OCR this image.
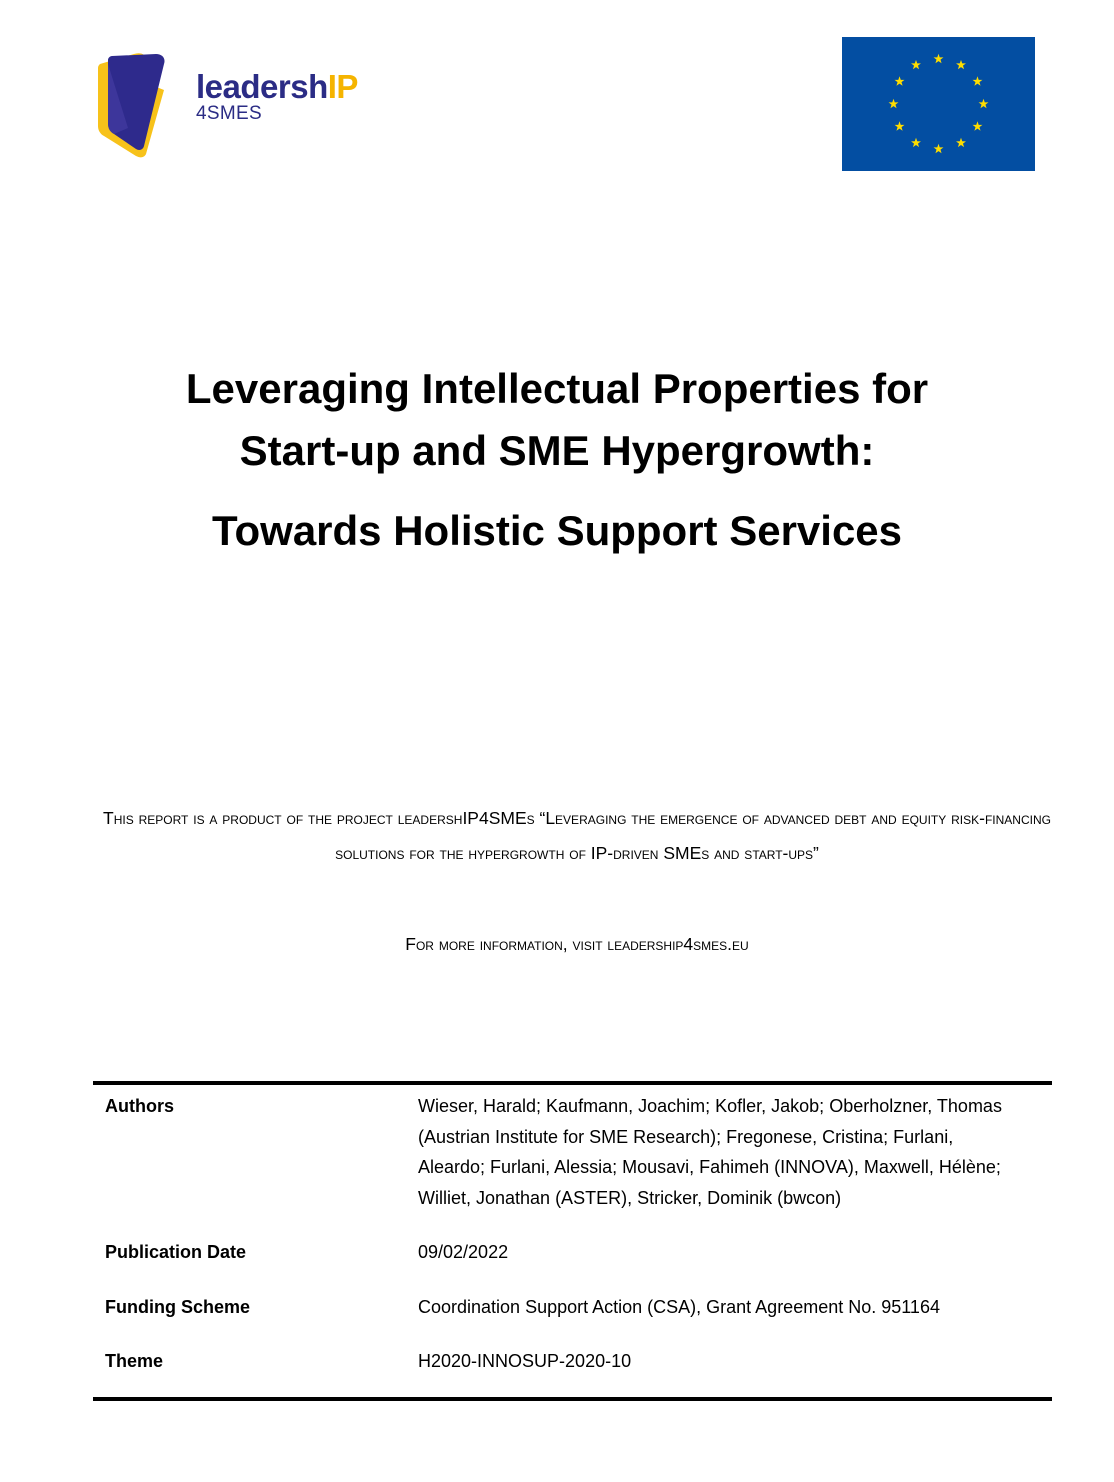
leadershIP
4SMES
Leveraging Intellectual Properties for
Start-up and SME Hypergrowth:
Towards Holistic Support Services
This report is a product of the project leadershIP4SMEs “Leveraging the emergence of advanced debt and equity risk-financing solutions for the hypergrowth of IP-driven SMEs and start-ups”
For more information, visit leadership4smes.eu
Authors	Wieser, Harald; Kaufmann, Joachim; Kofler, Jakob; Oberholzner, Thomas (Austrian Institute for SME Research); Fregonese, Cristina; Furlani, Aleardo; Furlani, Alessia; Mousavi, Fahimeh (INNOVA), Maxwell, Hélène; Williet, Jonathan (ASTER), Stricker, Dominik (bwcon)
Publication Date	09/02/2022
Funding Scheme	Coordination Support Action (CSA), Grant Agreement No. 951164
Theme	H2020-INNOSUP-2020-10
